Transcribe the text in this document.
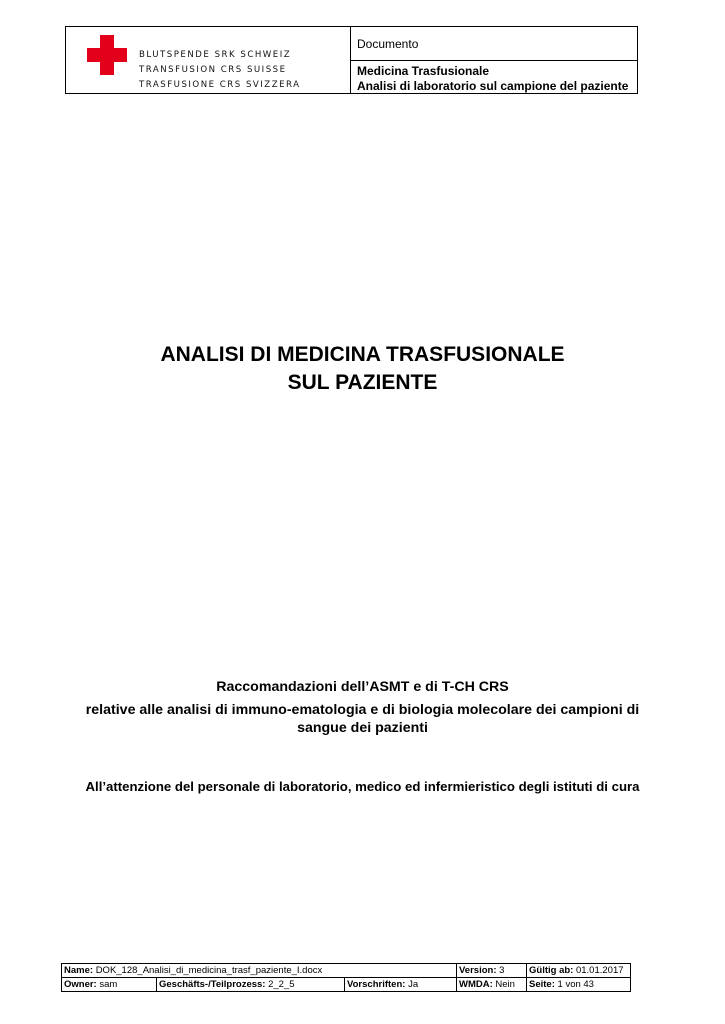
BLUTSPENDE SRK SCHWEIZ
TRANSFUSION CRS SUISSE
TRASFUSIONE CRS SVIZZERA
Documento
Medicina Trasfusionale
Analisi di laboratorio sul campione del paziente
ANALISI DI MEDICINA TRASFUSIONALE
SUL PAZIENTE
Raccomandazioni dell’ASMT e di T-CH CRS
relative alle analisi di immuno-ematologia e di biologia molecolare dei campioni di
sangue dei pazienti
All’attenzione del personale di laboratorio, medico ed infermieristico degli istituti di cura
Name: DOK_128_Analisi_di_medicina_trasf_paziente_I.docx			Version: 3	Gültig ab: 01.01.2017
Owner: sam	Geschäfts-/Teilprozess: 2_2_5	Vorschriften: Ja	WMDA: Nein	Seite: 1 von 43
